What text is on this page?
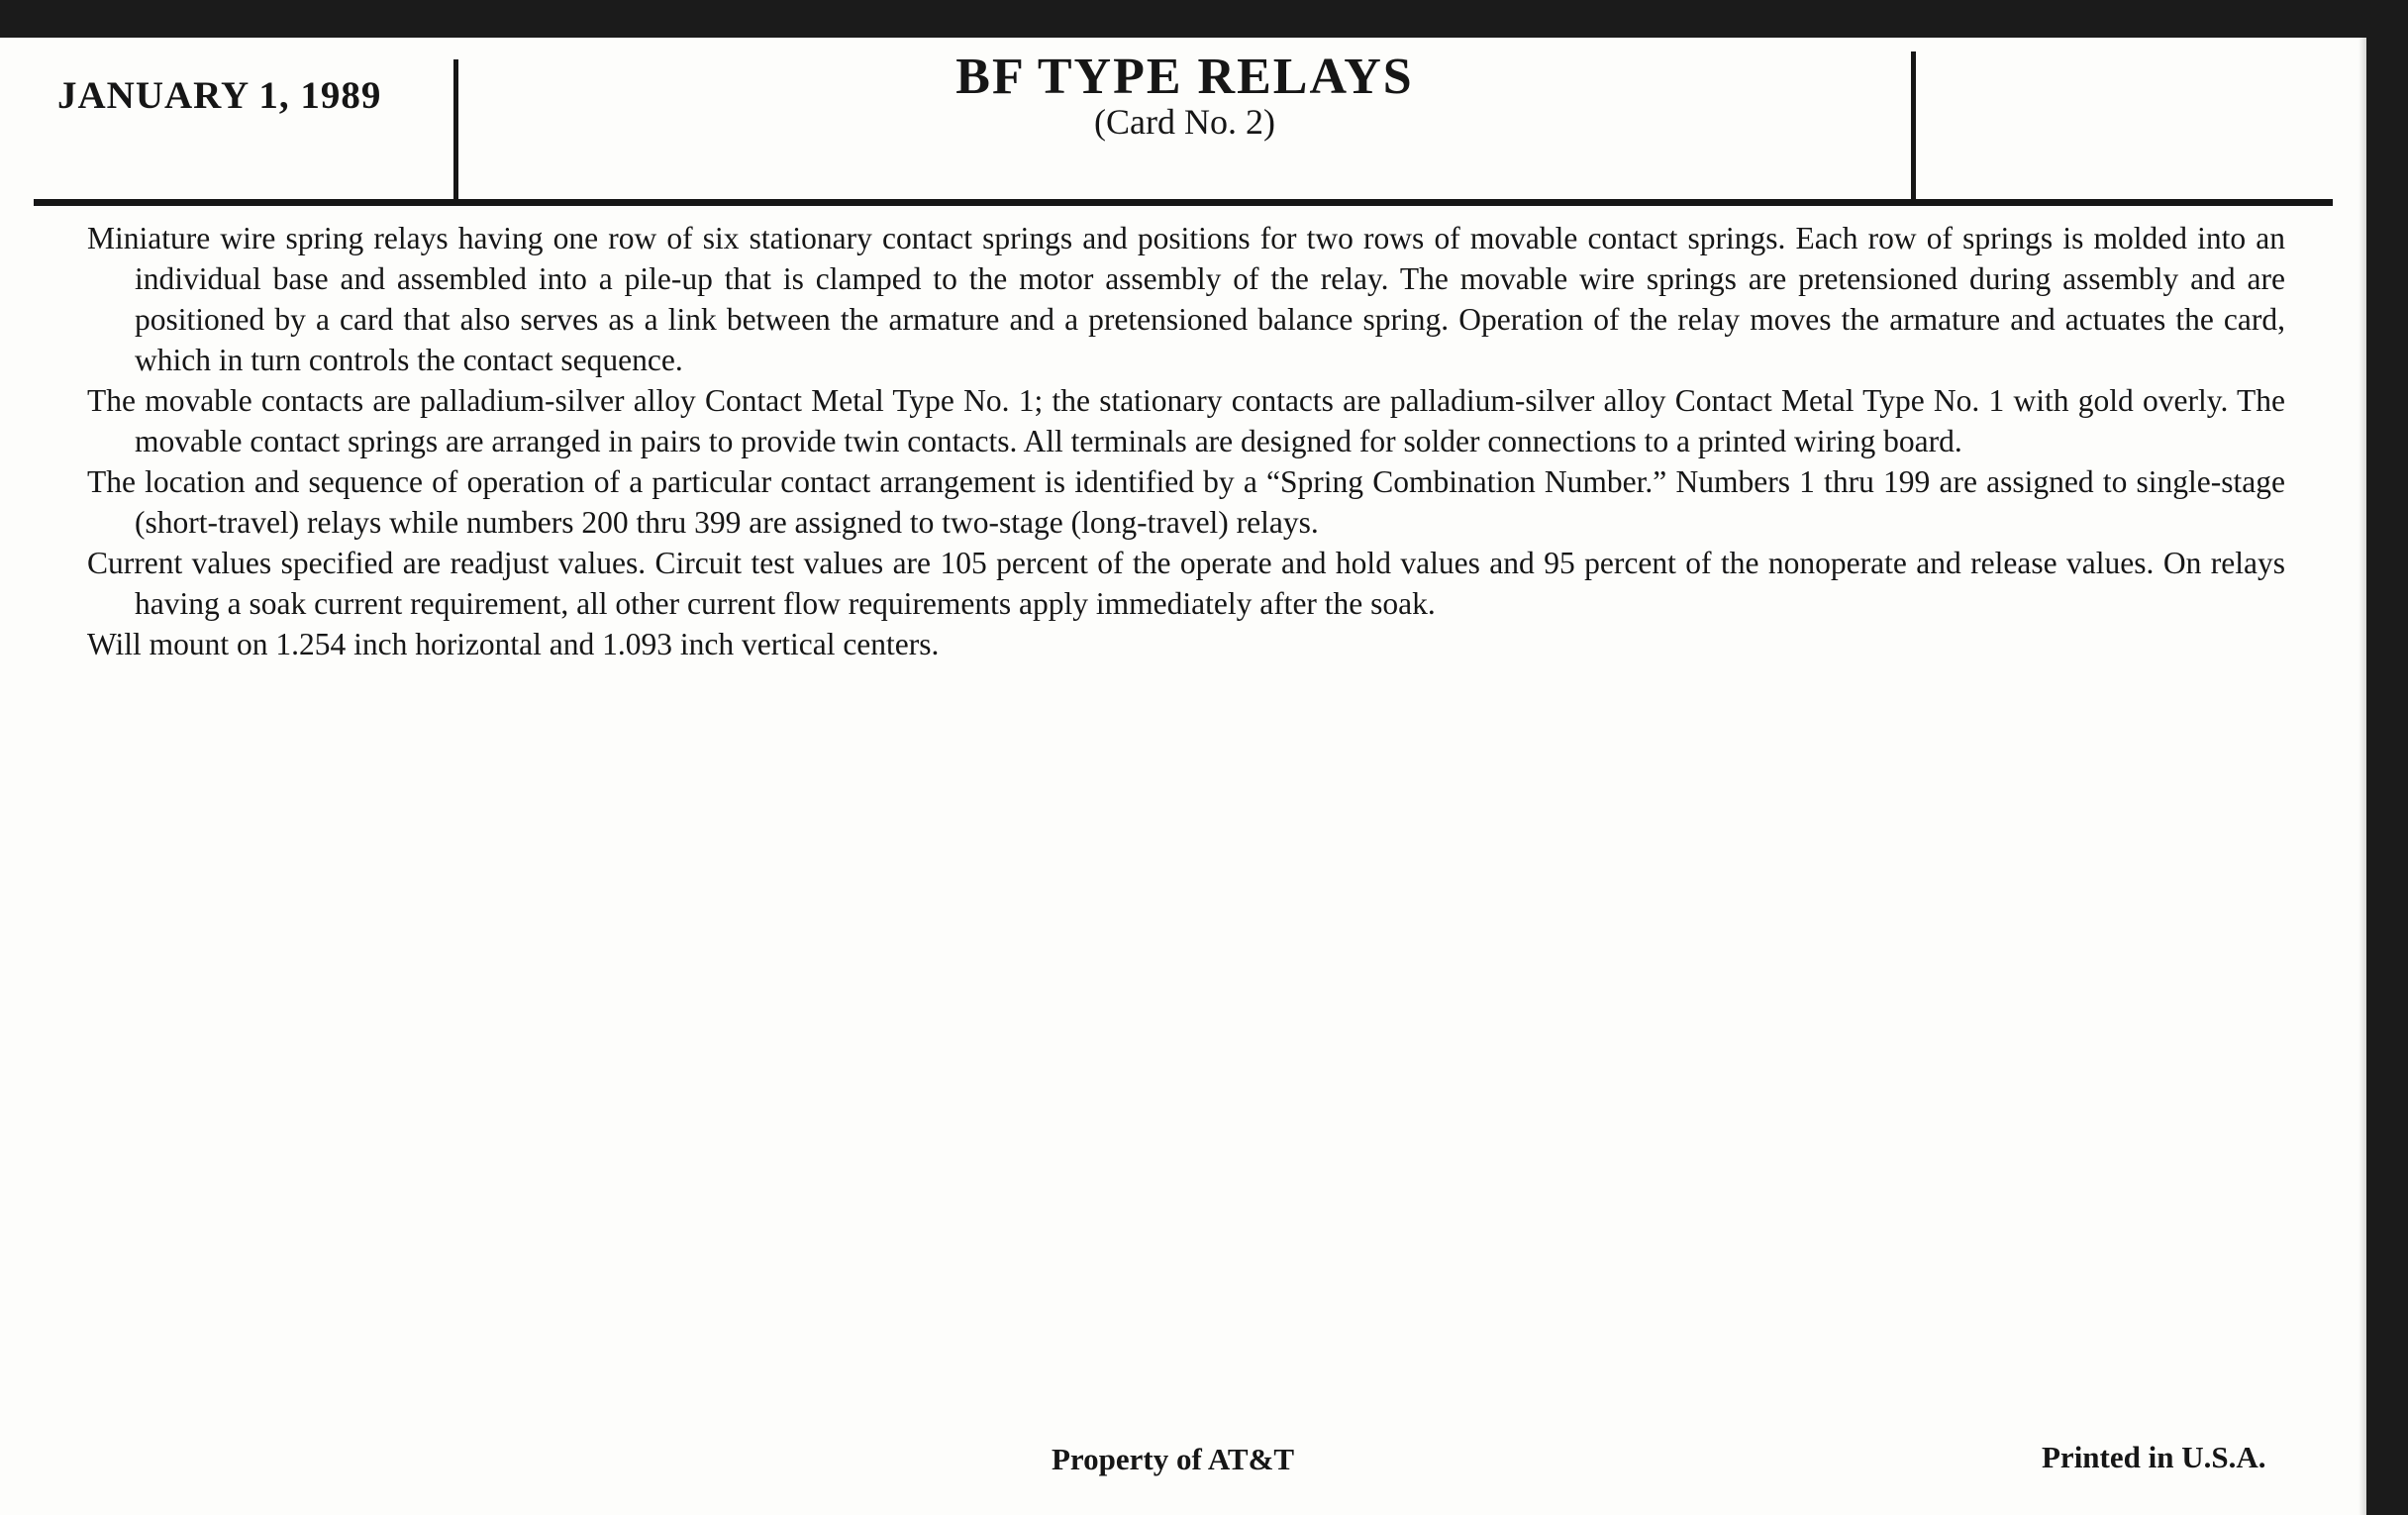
JANUARY 1, 1989	BF TYPE RELAYS
(Card No. 2)

Miniature wire spring relays having one row of six stationary contact springs and positions for two rows of movable contact springs. Each row of springs is molded into an individual base and assembled into a pile-up that is clamped to the motor assembly of the relay. The movable wire springs are pretensioned during assembly and are positioned by a card that also serves as a link between the armature and a pretensioned balance spring. Operation of the relay moves the armature and actuates the card, which in turn controls the contact sequence.

The movable contacts are palladium-silver alloy Contact Metal Type No. 1; the stationary contacts are palladium-silver alloy Contact Metal Type No. 1 with gold overly. The movable contact springs are arranged in pairs to provide twin contacts. All terminals are designed for solder connections to a printed wiring board.

The location and sequence of operation of a particular contact arrangement is identified by a “Spring Combination Number.” Numbers 1 thru 199 are assigned to single-stage (short-travel) relays while numbers 200 thru 399 are assigned to two-stage (long-travel) relays.

Current values specified are readjust values. Circuit test values are 105 percent of the operate and hold values and 95 percent of the nonoperate and release values. On relays having a soak current requirement, all other current flow requirements apply immediately after the soak.

Will mount on 1.254 inch horizontal and 1.093 inch vertical centers.

Property of AT&T	Printed in U.S.A.
